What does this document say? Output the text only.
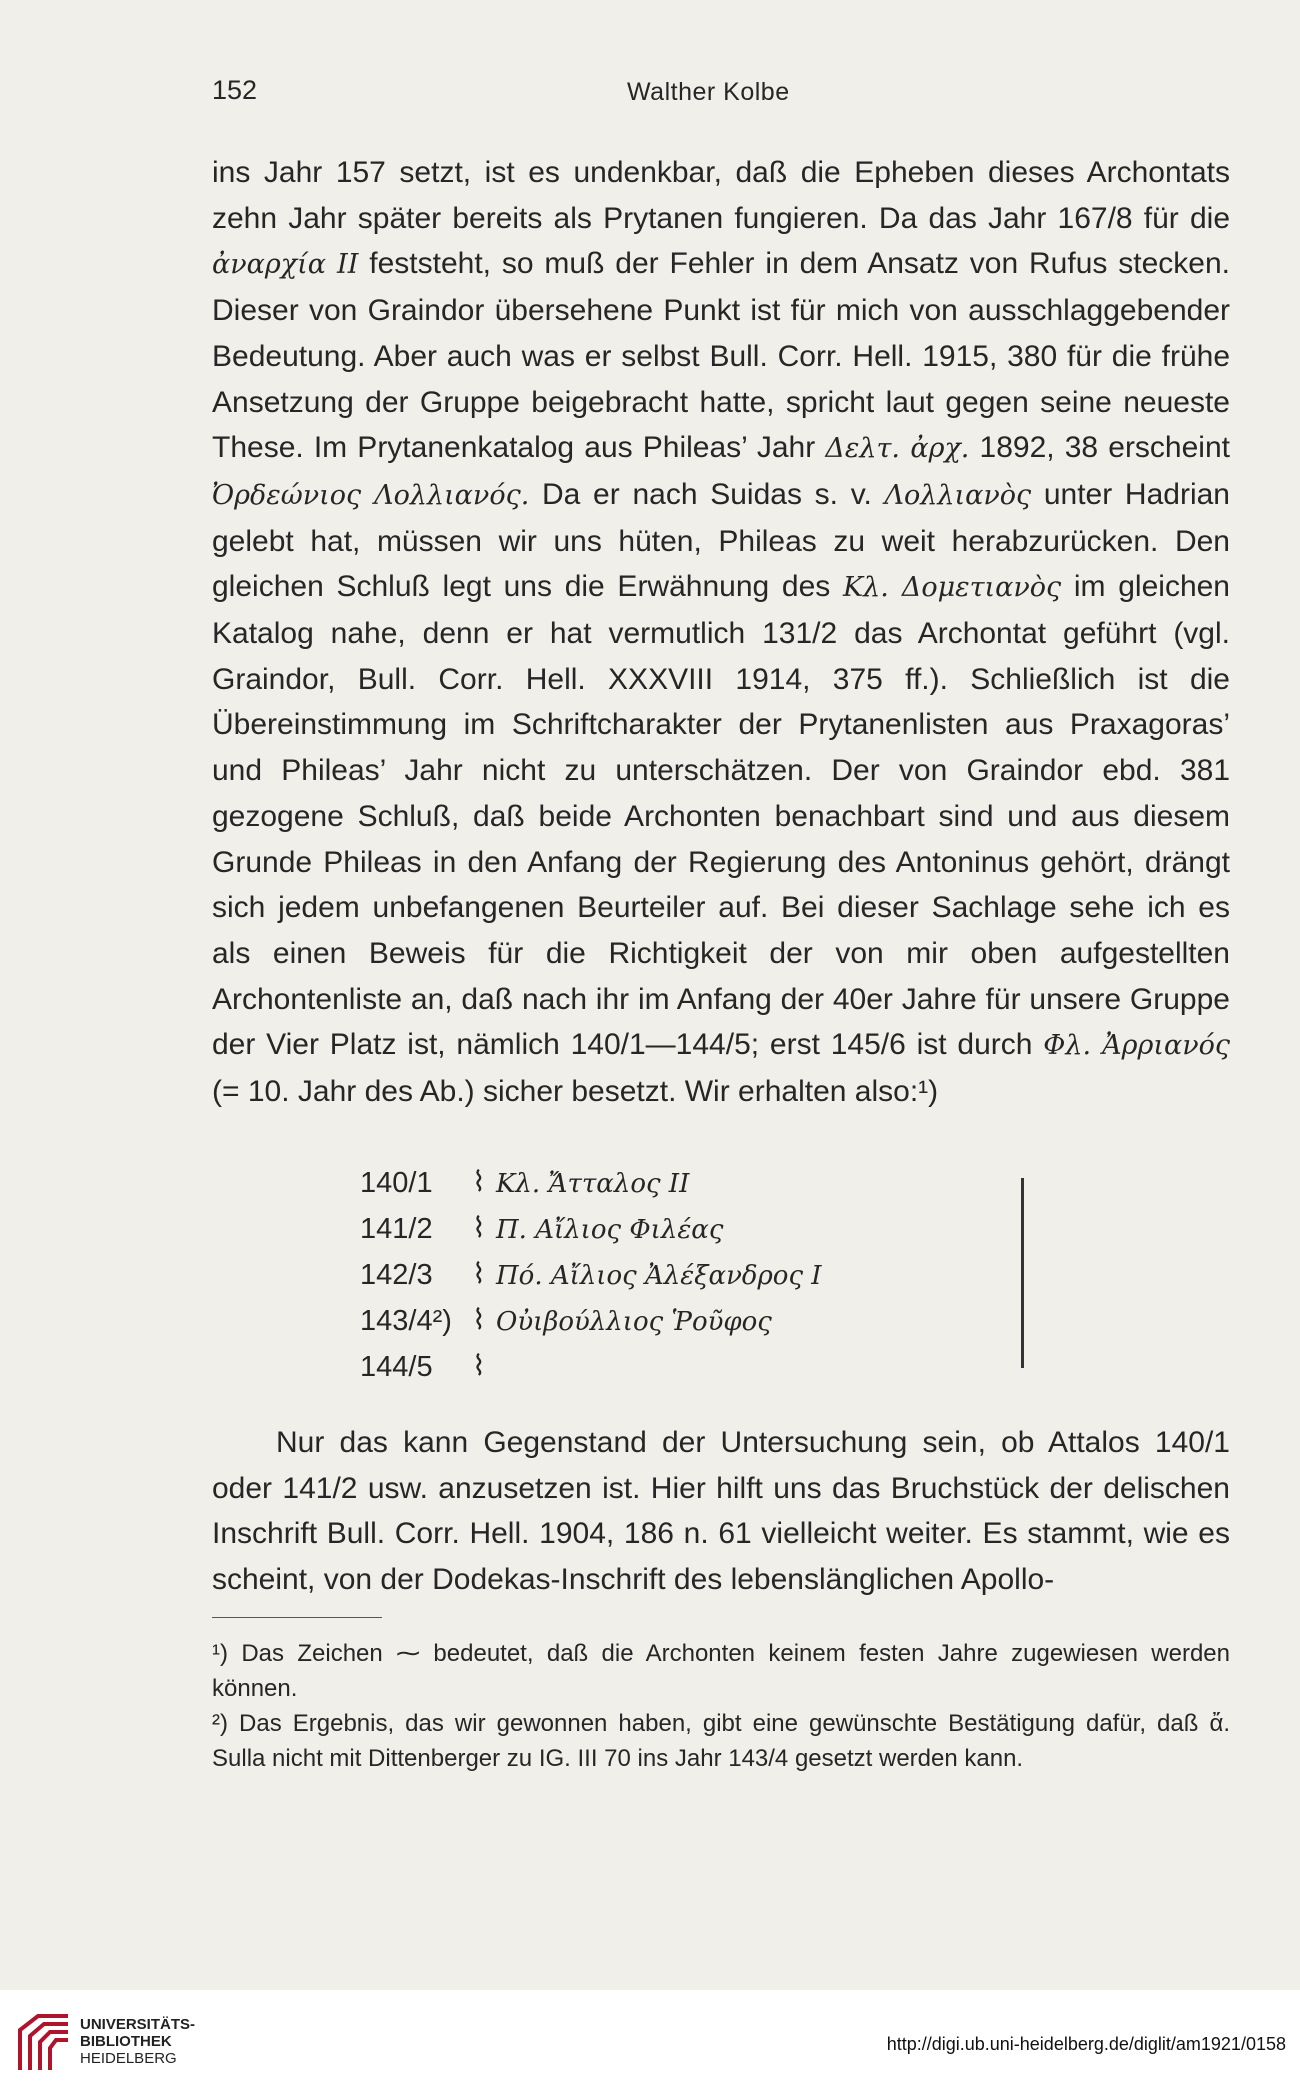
152	Walther Kolbe

ins Jahr 157 setzt, ist es undenkbar, daß die Epheben dieses Archontats zehn Jahr später bereits als Prytanen fungieren. Da das Jahr 167/8 für die ἀναρχία II feststeht, so muß der Fehler in dem Ansatz von Rufus stecken. Dieser von Graindor übersehene Punkt ist für mich von ausschlaggebender Bedeutung. Aber auch was er selbst Bull. Corr. Hell. 1915, 380 für die frühe Ansetzung der Gruppe beigebracht hatte, spricht laut gegen seine neueste These. Im Prytanenkatalog aus Phileas’ Jahr Δελτ. ἀρχ. 1892, 38 erscheint Ὀρδεώνιος Λολλιανός. Da er nach Suidas s. v. Λολλιανὸς unter Hadrian gelebt hat, müssen wir uns hüten, Phileas zu weit herabzurücken. Den gleichen Schluß legt uns die Erwähnung des Κλ. Δομετιανὸς im gleichen Katalog nahe, denn er hat vermutlich 131/2 das Archontat geführt (vgl. Graindor, Bull. Corr. Hell. XXXVIII 1914, 375 ff.). Schließlich ist die Übereinstimmung im Schriftcharakter der Prytanenlisten aus Praxagoras’ und Phileas’ Jahr nicht zu unterschätzen. Der von Graindor ebd. 381 gezogene Schluß, daß beide Archonten benachbart sind und aus diesem Grunde Phileas in den Anfang der Regierung des Antoninus gehört, drängt sich jedem unbefangenen Beurteiler auf. Bei dieser Sachlage sehe ich es als einen Beweis für die Richtigkeit der von mir oben aufgestellten Archontenliste an, daß nach ihr im Anfang der 40er Jahre für unsere Gruppe der Vier Platz ist, nämlich 140/1—144/5; erst 145/6 ist durch Φλ. Ἀρριανός (= 10. Jahr des Ab.) sicher besetzt. Wir erhalten also:¹)

140/1 ⌇ Κλ. Ἄτταλος II
141/2 ⌇ Π. Αἴλιος Φιλέας
142/3 ⌇ Πό. Αἴλιος Ἀλέξανδρος I
143/4²) ⌇ Οὐιβούλλιος Ῥοῦφος
144/5 ⌇

Nur das kann Gegenstand der Untersuchung sein, ob Attalos 140/1 oder 141/2 usw. anzusetzen ist. Hier hilft uns das Bruchstück der delischen Inschrift Bull. Corr. Hell. 1904, 186 n. 61 vielleicht weiter. Es stammt, wie es scheint, von der Dodekas-Inschrift des lebenslänglichen Apollo-

¹) Das Zeichen ⁓ bedeutet, daß die Archonten keinem festen Jahre zugewiesen werden können.

²) Das Ergebnis, das wir gewonnen haben, gibt eine gewünschte Bestätigung dafür, daß ἄ. Sulla nicht mit Dittenberger zu IG. III 70 ins Jahr 143/4 gesetzt werden kann.

UNIVERSITÄTS-
BIBLIOTHEK
HEIDELBERG
http://digi.ub.uni-heidelberg.de/diglit/am1921/0158
